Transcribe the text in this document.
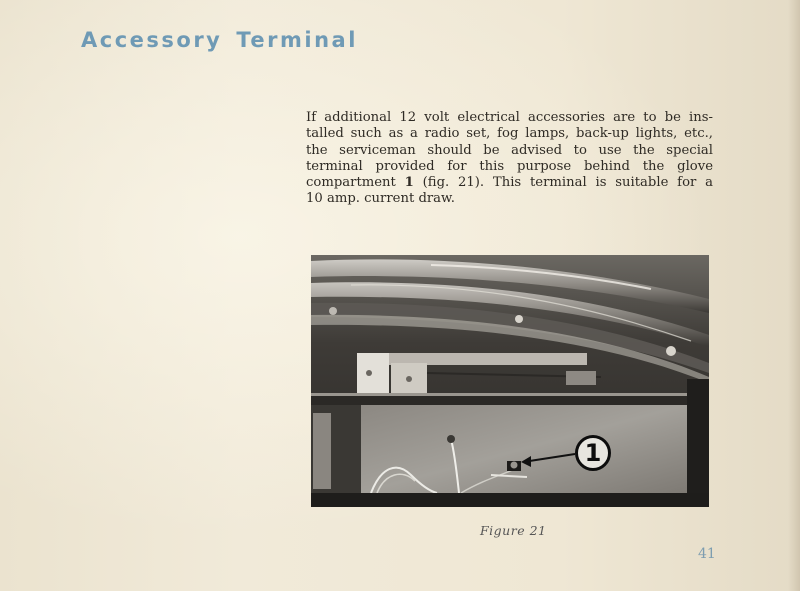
Accessory Terminal
If additional 12 volt electrical accessories are to be ins-
talled such as a radio set, fog lamps, back-up lights, etc.,
the serviceman should be advised to use the special
terminal provided for this purpose behind the glove
compartment 1 (fig. 21). This terminal is suitable for a
10 amp. current draw.
1
Figure 21
41
